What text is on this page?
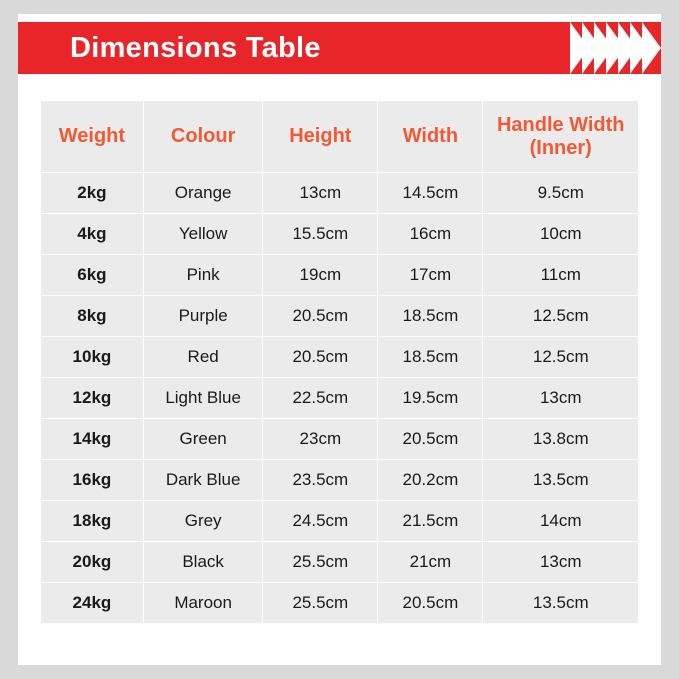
Dimensions Table
Weight	Colour	Height	Width	Handle Width
(Inner)
2kg	Orange	13cm	14.5cm	9.5cm
4kg	Yellow	15.5cm	16cm	10cm
6kg	Pink	19cm	17cm	11cm
8kg	Purple	20.5cm	18.5cm	12.5cm
10kg	Red	20.5cm	18.5cm	12.5cm
12kg	Light Blue	22.5cm	19.5cm	13cm
14kg	Green	23cm	20.5cm	13.8cm
16kg	Dark Blue	23.5cm	20.2cm	13.5cm
18kg	Grey	24.5cm	21.5cm	14cm
20kg	Black	25.5cm	21cm	13cm
24kg	Maroon	25.5cm	20.5cm	13.5cm
